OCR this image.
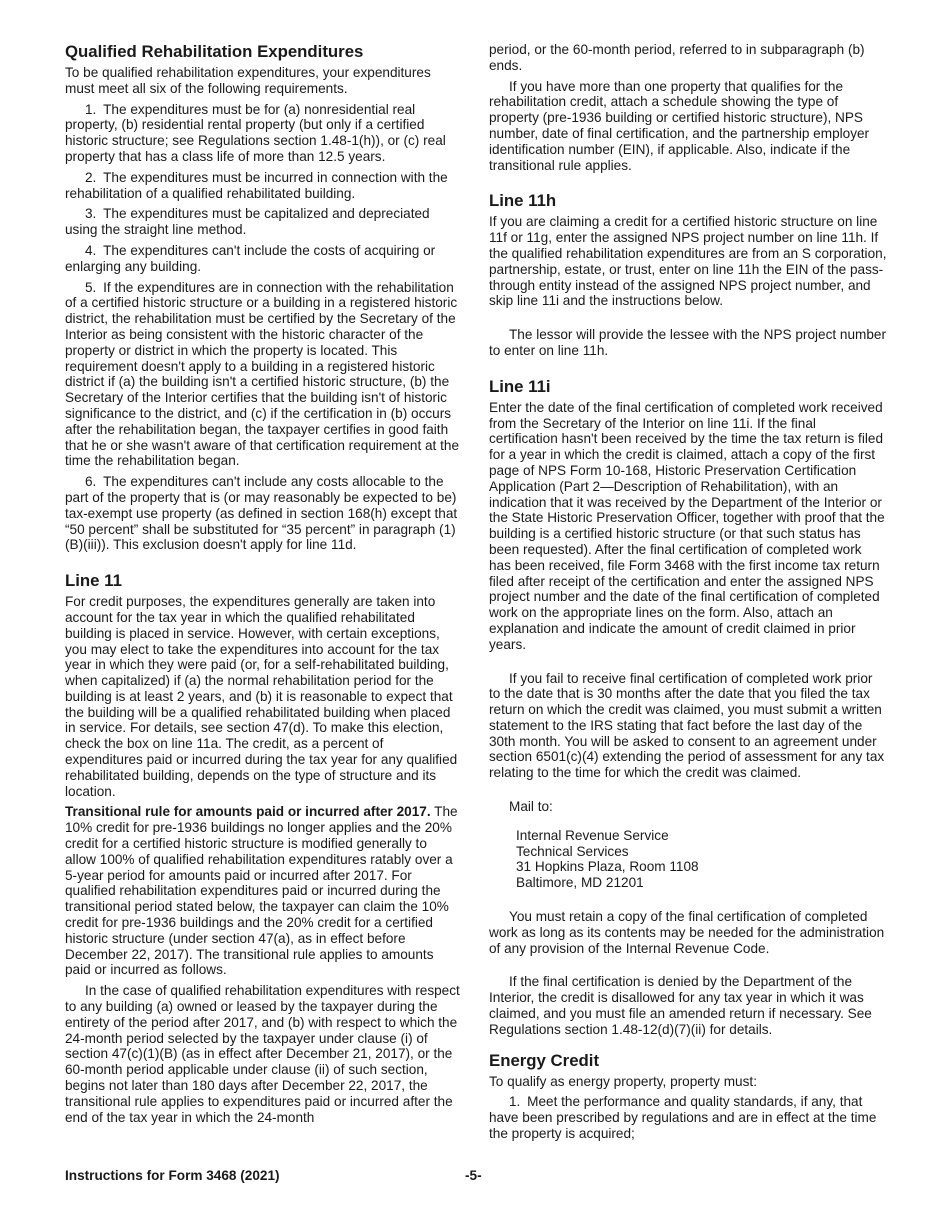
Qualified Rehabilitation Expenditures

To be qualified rehabilitation expenditures, your expenditures must meet all six of the following requirements.

1. The expenditures must be for (a) nonresidential real property, (b) residential rental property (but only if a certified historic structure; see Regulations section 1.48-1(h)), or (c) real property that has a class life of more than 12.5 years.

2. The expenditures must be incurred in connection with the rehabilitation of a qualified rehabilitated building.

3. The expenditures must be capitalized and depreciated using the straight line method.

4. The expenditures can't include the costs of acquiring or enlarging any building.

5. If the expenditures are in connection with the rehabilitation of a certified historic structure or a building in a registered historic district, the rehabilitation must be certified by the Secretary of the Interior as being consistent with the historic character of the property or district in which the property is located. This requirement doesn't apply to a building in a registered historic district if (a) the building isn't a certified historic structure, (b) the Secretary of the Interior certifies that the building isn't of historic significance to the district, and (c) if the certification in (b) occurs after the rehabilitation began, the taxpayer certifies in good faith that he or she wasn't aware of that certification requirement at the time the rehabilitation began.

6. The expenditures can't include any costs allocable to the part of the property that is (or may reasonably be expected to be) tax-exempt use property (as defined in section 168(h) except that “50 percent” shall be substituted for “35 percent” in paragraph (1)(B)(iii)). This exclusion doesn't apply for line 11d.

Line 11

For credit purposes, the expenditures generally are taken into account for the tax year in which the qualified rehabilitated building is placed in service. However, with certain exceptions, you may elect to take the expenditures into account for the tax year in which they were paid (or, for a self-rehabilitated building, when capitalized) if (a) the normal rehabilitation period for the building is at least 2 years, and (b) it is reasonable to expect that the building will be a qualified rehabilitated building when placed in service. For details, see section 47(d). To make this election, check the box on line 11a. The credit, as a percent of expenditures paid or incurred during the tax year for any qualified rehabilitated building, depends on the type of structure and its location.

Transitional rule for amounts paid or incurred after 2017. The 10% credit for pre-1936 buildings no longer applies and the 20% credit for a certified historic structure is modified generally to allow 100% of qualified rehabilitation expenditures ratably over a 5-year period for amounts paid or incurred after 2017. For qualified rehabilitation expenditures paid or incurred during the transitional period stated below, the taxpayer can claim the 10% credit for pre-1936 buildings and the 20% credit for a certified historic structure (under section 47(a), as in effect before December 22, 2017). The transitional rule applies to amounts paid or incurred as follows.

In the case of qualified rehabilitation expenditures with respect to any building (a) owned or leased by the taxpayer during the entirety of the period after 2017, and (b) with respect to which the 24-month period selected by the taxpayer under clause (i) of section 47(c)(1)(B) (as in effect after December 21, 2017), or the 60-month period applicable under clause (ii) of such section, begins not later than 180 days after December 22, 2017, the transitional rule applies to expenditures paid or incurred after the end of the tax year in which the 24-month

period, or the 60-month period, referred to in subparagraph (b) ends.

If you have more than one property that qualifies for the rehabilitation credit, attach a schedule showing the type of property (pre-1936 building or certified historic structure), NPS number, date of final certification, and the partnership employer identification number (EIN), if applicable. Also, indicate if the transitional rule applies.

Line 11h

If you are claiming a credit for a certified historic structure on line 11f or 11g, enter the assigned NPS project number on line 11h. If the qualified rehabilitation expenditures are from an S corporation, partnership, estate, or trust, enter on line 11h the EIN of the pass-through entity instead of the assigned NPS project number, and skip line 11i and the instructions below.

The lessor will provide the lessee with the NPS project number to enter on line 11h.

Line 11i

Enter the date of the final certification of completed work received from the Secretary of the Interior on line 11i. If the final certification hasn't been received by the time the tax return is filed for a year in which the credit is claimed, attach a copy of the first page of NPS Form 10-168, Historic Preservation Certification Application (Part 2—Description of Rehabilitation), with an indication that it was received by the Department of the Interior or the State Historic Preservation Officer, together with proof that the building is a certified historic structure (or that such status has been requested). After the final certification of completed work has been received, file Form 3468 with the first income tax return filed after receipt of the certification and enter the assigned NPS project number and the date of the final certification of completed work on the appropriate lines on the form. Also, attach an explanation and indicate the amount of credit claimed in prior years.

If you fail to receive final certification of completed work prior to the date that is 30 months after the date that you filed the tax return on which the credit was claimed, you must submit a written statement to the IRS stating that fact before the last day of the 30th month. You will be asked to consent to an agreement under section 6501(c)(4) extending the period of assessment for any tax relating to the time for which the credit was claimed.

Mail to:

Internal Revenue Service
Technical Services
31 Hopkins Plaza, Room 1108
Baltimore, MD 21201

You must retain a copy of the final certification of completed work as long as its contents may be needed for the administration of any provision of the Internal Revenue Code.

If the final certification is denied by the Department of the Interior, the credit is disallowed for any tax year in which it was claimed, and you must file an amended return if necessary. See Regulations section 1.48-12(d)(7)(ii) for details.

Energy Credit

To qualify as energy property, property must:

1. Meet the performance and quality standards, if any, that have been prescribed by regulations and are in effect at the time the property is acquired;

Instructions for Form 3468 (2021)	-5-
